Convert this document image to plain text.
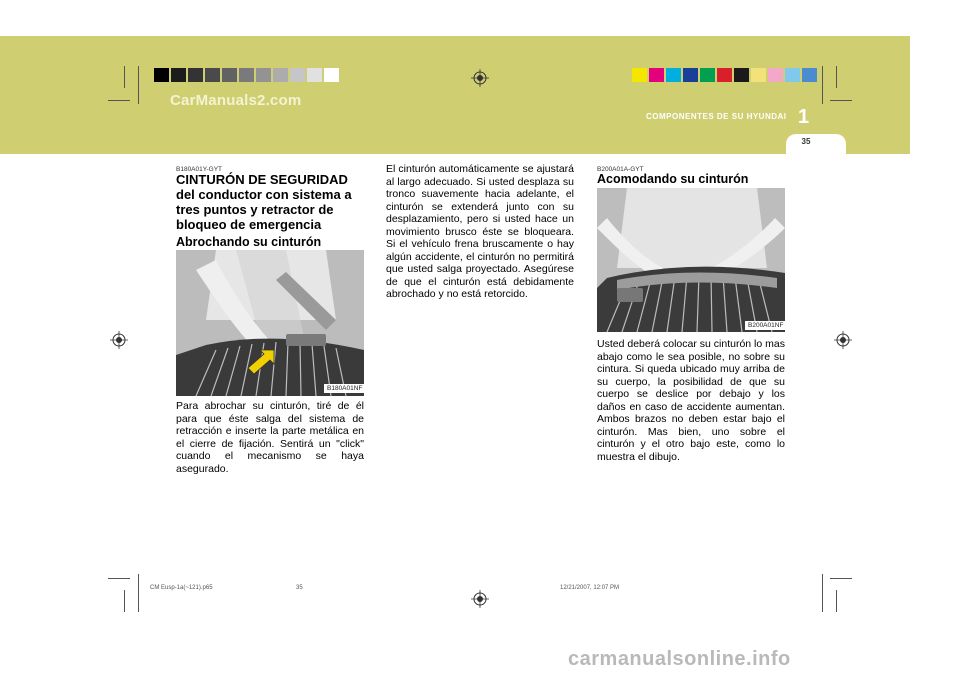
CarManuals2.com
COMPONENTES DE SU HYUNDAI 1
35
B180A01Y-GYT
CINTURÓN DE SEGURIDAD del conductor con sistema a tres puntos y retractor de bloqueo de emergencia
Abrochando su cinturón
B180A01NF

Para abrochar su cinturón, tiré de él para que éste salga del sistema de retracción e inserte la parte metálica en el cierre de fijación. Sentirá un "click" cuando el mecanismo se haya asegurado.

El cinturón automáticamente se ajustará al largo adecuado. Si usted desplaza su tronco suavemente hacia adelante, el cinturón se extenderá junto con su desplazamiento, pero si usted hace un movimiento brusco éste se bloqueara. Si el vehículo frena bruscamente o hay algún accidente, el cinturón no permitirá que usted salga proyectado. Asegúrese de que el cinturón está debidamente abrochado y no está retorcido.

B200A01A-GYT
Acomodando su cinturón
B200A01NF

Usted deberá colocar su cinturón lo mas abajo como le sea posible, no sobre su cintura. Si queda ubicado muy arriba de su cuerpo, la posibilidad de que su cuerpo se deslice por debajo y los daños en caso de accidente aumentan. Ambos brazos no deben estar bajo el cinturón. Mas bien, uno sobre el cinturón y el otro bajo este, como lo muestra el dibujo.

CM Eusp-1a(~121).p65	35	12/21/2007, 12:07 PM
carmanualsonline.info
